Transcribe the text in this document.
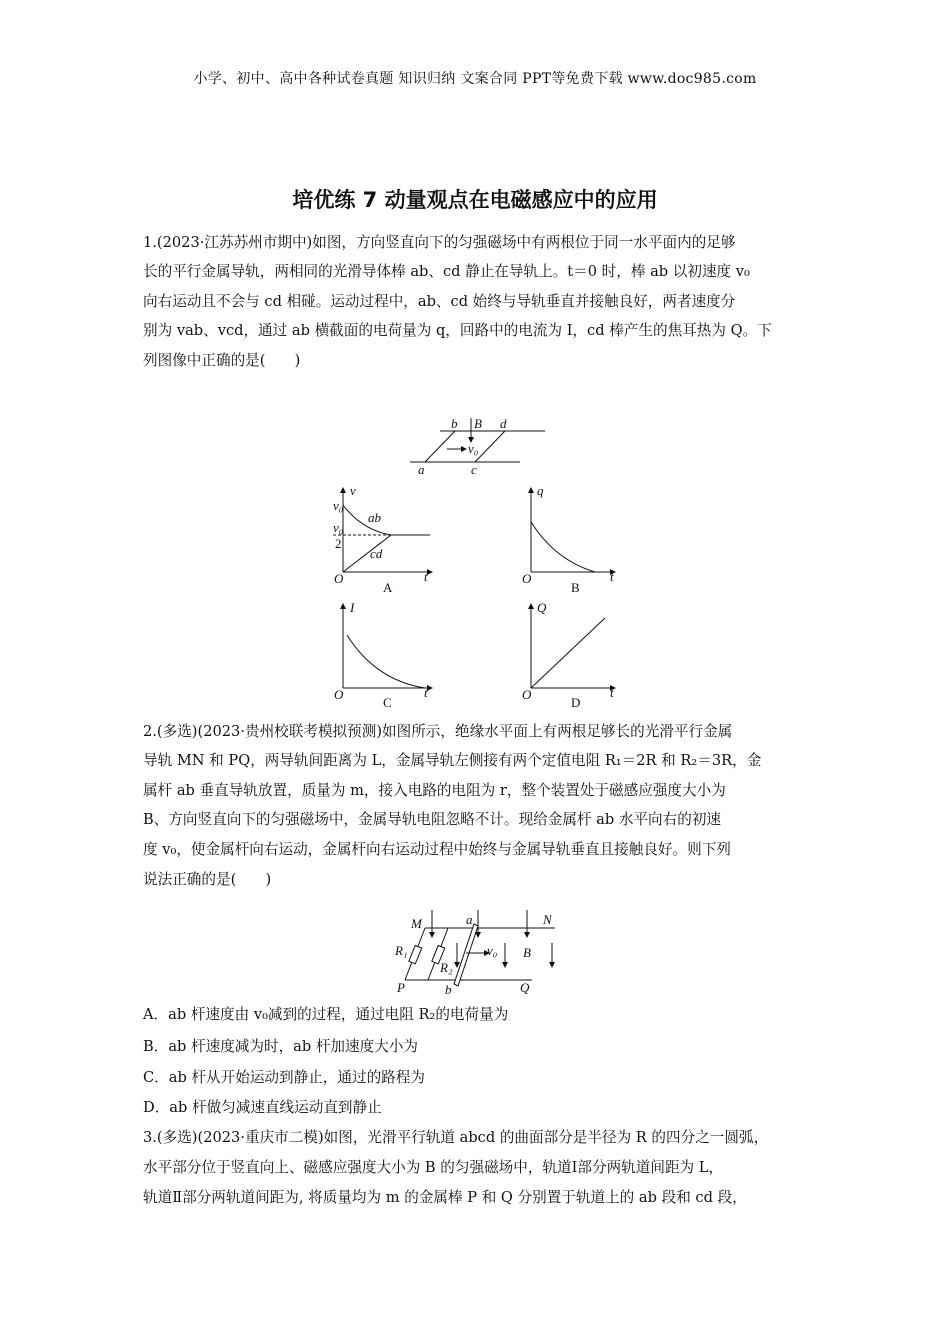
小学、初中、高中各种试卷真题 知识归纳 文案合同 PPT等免费下载 www.doc985.com
培优练 7 动量观点在电磁感应中的应用
1.(2023·江苏苏州市期中)如图，方向竖直向下的匀强磁场中有两根位于同一水平面内的足够
长的平行金属导轨，两相同的光滑导体棒 ab、cd 静止在导轨上。t＝0 时，棒 ab 以初速度 v₀
向右运动且不会与 cd 相碰。运动过程中，ab、cd 始终与导轨垂直并接触良好，两者速度分
别为 vab、vcd，通过 ab 横截面的电荷量为 q，回路中的电流为 I，cd 棒产生的焦耳热为 Q。下
列图像中正确的是(　　)
2.(多选)(2023·贵州校联考模拟预测)如图所示，绝缘水平面上有两根足够长的光滑平行金属
导轨 MN 和 PQ，两导轨间距离为 L，金属导轨左侧接有两个定值电阻 R₁＝2R 和 R₂＝3R，金
属杆 ab 垂直导轨放置，质量为 m，接入电路的电阻为 r，整个装置处于磁感应强度大小为
B、方向竖直向下的匀强磁场中，金属导轨电阻忽略不计。现给金属杆 ab 水平向右的初速
度 v₀，使金属杆向右运动，金属杆向右运动过程中始终与金属导轨垂直且接触良好。则下列
说法正确的是(　　)
A．ab 杆速度由 v₀减到的过程，通过电阻 R₂的电荷量为
B．ab 杆速度减为时，ab 杆加速度大小为
C．ab 杆从开始运动到静止，通过的路程为
D．ab 杆做匀减速直线运动直到静止
3.(多选)(2023·重庆市二模)如图，光滑平行轨道 abcd 的曲面部分是半径为 R 的四分之一圆弧，
水平部分位于竖直向上、磁感应强度大小为 B 的匀强磁场中，轨道Ⅰ部分两轨道间距为 L，
轨道Ⅱ部分两轨道间距为, 将质量均为 m 的金属棒 P 和 Q 分别置于轨道上的 ab 段和 cd 段，
a
b
c
d
B
v₀
v
t
O
v₀
v₀
2
ab
cd
A
q
t
O
B
I
t
O
C
Q
t
O
D
M	N
P	Q
a
b
R₁
R₂
v₀ B
